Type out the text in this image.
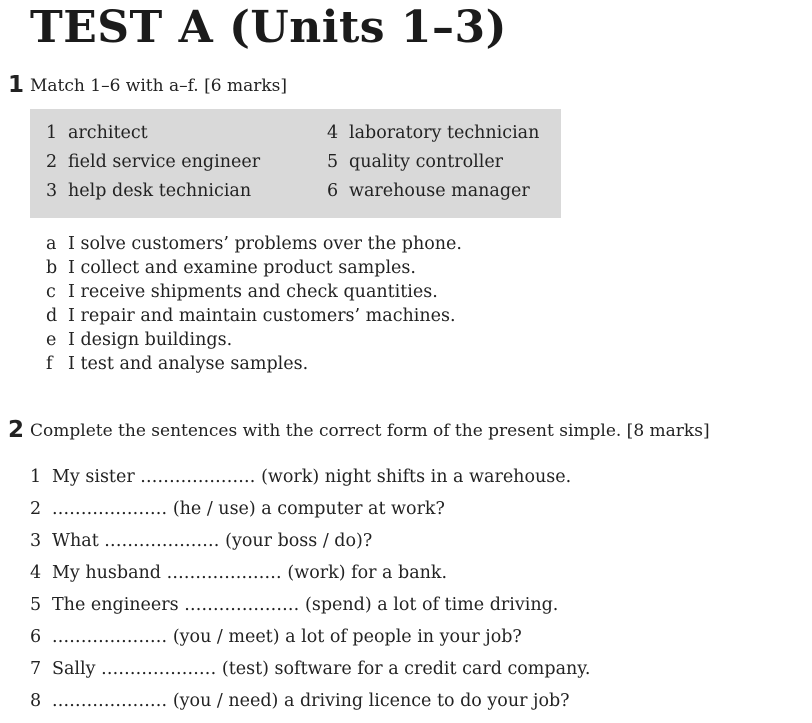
TEST A (Units 1–3)
1 Match 1–6 with a–f. [6 marks]
1 architect
2 field service engineer
3 help desk technician
4 laboratory technician
5 quality controller
6 warehouse manager
a I solve customers’ problems over the phone.
b I collect and examine product samples.
c I receive shipments and check quantities.
d I repair and maintain customers’ machines.
e I design buildings.
f I test and analyse samples.
2 Complete the sentences with the correct form of the present simple. [8 marks]
1 My sister .................... (work) night shifts in a warehouse.
2 .................... (he / use) a computer at work?
3 What .................... (your boss / do)?
4 My husband .................... (work) for a bank.
5 The engineers .................... (spend) a lot of time driving.
6 .................... (you / meet) a lot of people in your job?
7 Sally .................... (test) software for a credit card company.
8 .................... (you / need) a driving licence to do your job?
